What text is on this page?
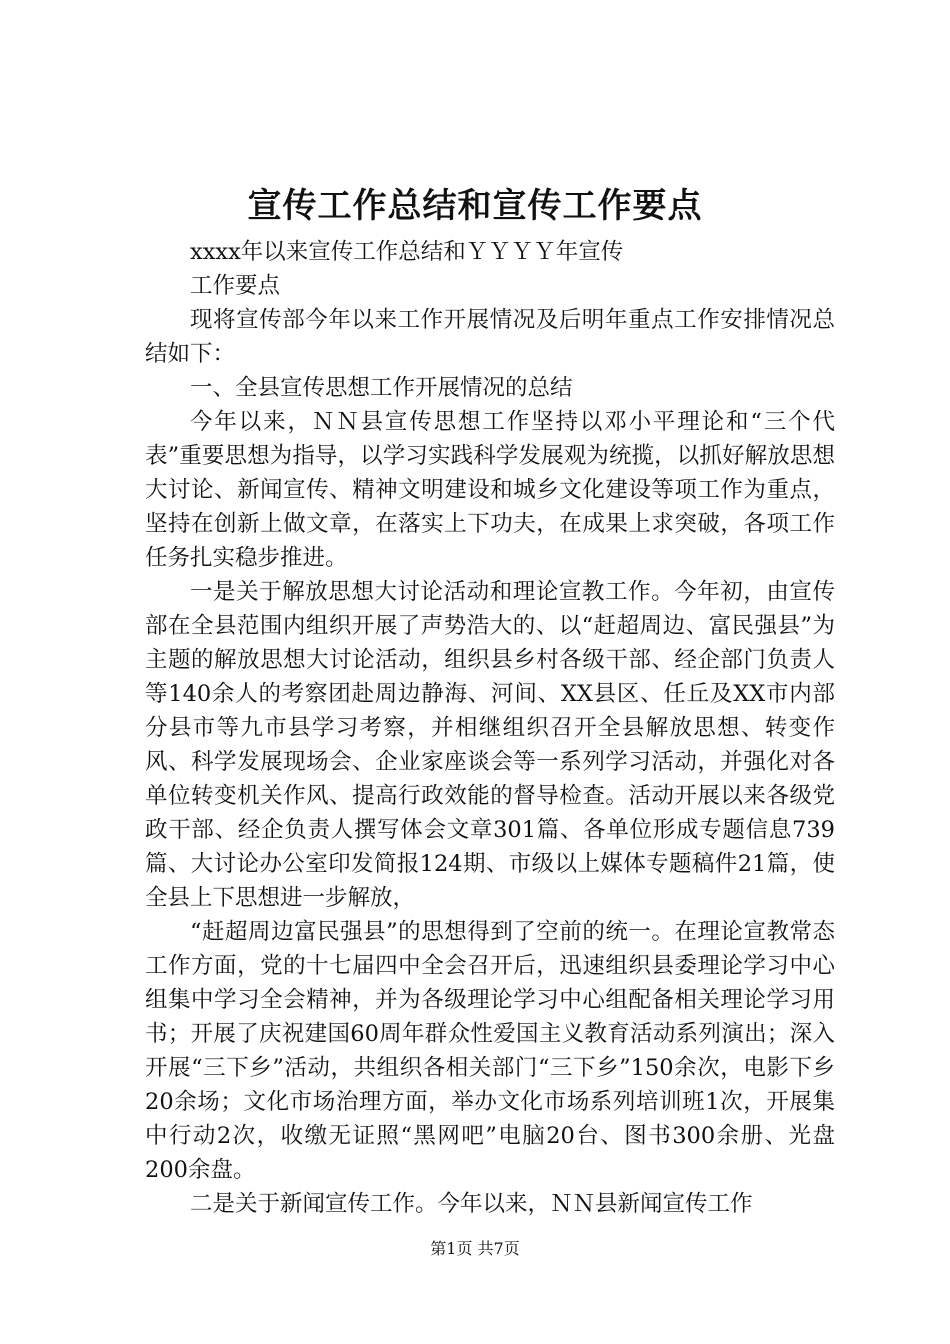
宣传工作总结和宣传工作要点

xxxx年以来宣传工作总结和ＹＹＹＹ年宣传

工作要点

现将宣传部今年以来工作开展情况及后明年重点工作安排情况总结如下：

一、全县宣传思想工作开展情况的总结

今年以来，ＮＮ县宣传思想工作坚持以邓小平理论和“三个代表”重要思想为指导，以学习实践科学发展观为统揽，以抓好解放思想大讨论、新闻宣传、精神文明建设和城乡文化建设等项工作为重点，坚持在创新上做文章，在落实上下功夫，在成果上求突破，各项工作任务扎实稳步推进。

一是关于解放思想大讨论活动和理论宣教工作。今年初，由宣传部在全县范围内组织开展了声势浩大的、以“赶超周边、富民强县”为主题的解放思想大讨论活动，组织县乡村各级干部、经企部门负责人等140余人的考察团赴周边静海、河间、XX县区、任丘及XX市内部分县市等九市县学习考察，并相继组织召开全县解放思想、转变作风、科学发展现场会、企业家座谈会等一系列学习活动，并强化对各单位转变机关作风、提高行政效能的督导检查。活动开展以来各级党政干部、经企负责人撰写体会文章301篇、各单位形成专题信息739篇、大讨论办公室印发简报124期、市级以上媒体专题稿件21篇，使全县上下思想进一步解放，

“赶超周边富民强县”的思想得到了空前的统一。在理论宣教常态工作方面，党的十七届四中全会召开后，迅速组织县委理论学习中心组集中学习全会精神，并为各级理论学习中心组配备相关理论学习用书；开展了庆祝建国60周年群众性爱国主义教育活动系列演出；深入开展“三下乡”活动，共组织各相关部门“三下乡”150余次，电影下乡20余场；文化市场治理方面，举办文化市场系列培训班1次，开展集中行动2次，收缴无证照“黑网吧”电脑20台、图书300余册、光盘200余盘。

二是关于新闻宣传工作。今年以来，ＮＮ县新闻宣传工作

第1页 共7页
